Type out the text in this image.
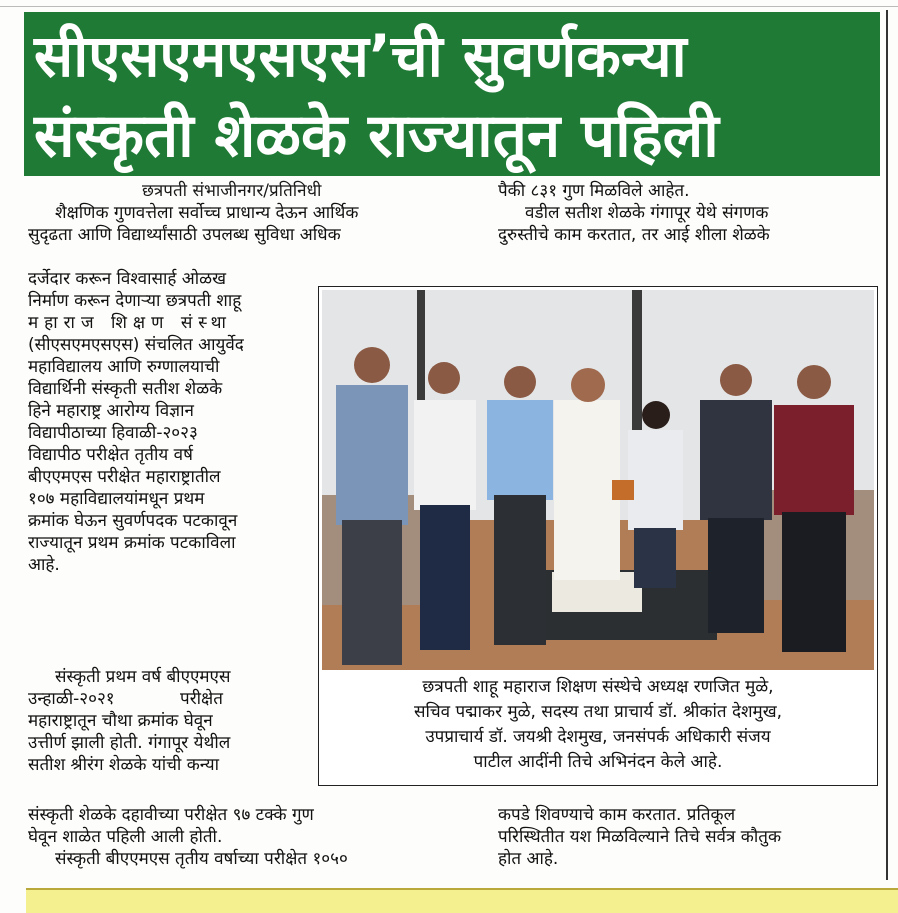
सीएसएमएसएस’ची सुवर्णकन्या
संस्कृती शेळके राज्यातून पहिली
छत्रपती संभाजीनगर/प्रतिनिधी

शैक्षणिक गुणवत्तेला सर्वोच्च प्राधान्य देऊन आर्थिक

सुदृढता आणि विद्यार्थ्यांसाठी उपलब्ध सुविधा अधिक

दर्जेदार करून विश्वासार्ह ओळख

निर्माण करून देणाऱ्या छत्रपती शाहू

महाराज शिक्षण संस्था

(सीएसएमएसएस) संचलित आयुर्वेद

महाविद्यालय आणि रुग्णालयाची

विद्यार्थिनी संस्कृती सतीश शेळके

हिने महाराष्ट्र आरोग्य विज्ञान

विद्यापीठाच्या हिवाळी-२०२३

विद्यापीठ परीक्षेत तृतीय वर्ष

बीएएमएस परीक्षेत महाराष्ट्रातील

१०७ महाविद्यालयांमधून प्रथम

क्रमांक घेऊन सुवर्णपदक पटकावून

राज्यातून प्रथम क्रमांक पटकाविला

आहे.

पैकी ८३१ गुण मिळविले आहेत.

वडील सतीश शेळके गंगापूर येथे संगणक

दुरुस्तीचे काम करतात, तर आई शीला शेळके

छत्रपती शाहू महाराज शिक्षण संस्थेचे अध्यक्ष रणजित मुळे,
सचिव पद्माकर मुळे, सदस्य तथा प्राचार्य डॉ. श्रीकांत देशमुख,
उपप्राचार्य डॉ. जयश्री देशमुख, जनसंपर्क अधिकारी संजय
पाटील आदींनी तिचे अभिनंदन केले आहे.

संस्कृती प्रथम वर्ष बीएएमएस

उन्हाळी-२०२१ परीक्षेत

महाराष्ट्रातून चौथा क्रमांक घेवून

उत्तीर्ण झाली होती. गंगापूर येथील

सतीश श्रीरंग शेळके यांची कन्या

संस्कृती शेळके दहावीच्या परीक्षेत ९७ टक्के गुण

घेवून शाळेत पहिली आली होती.

संस्कृती बीएएमएस तृतीय वर्षाच्या परीक्षेत १०५०

कपडे शिवण्याचे काम करतात. प्रतिकूल

परिस्थितीत यश मिळविल्याने तिचे सर्वत्र कौतुक

होत आहे.
